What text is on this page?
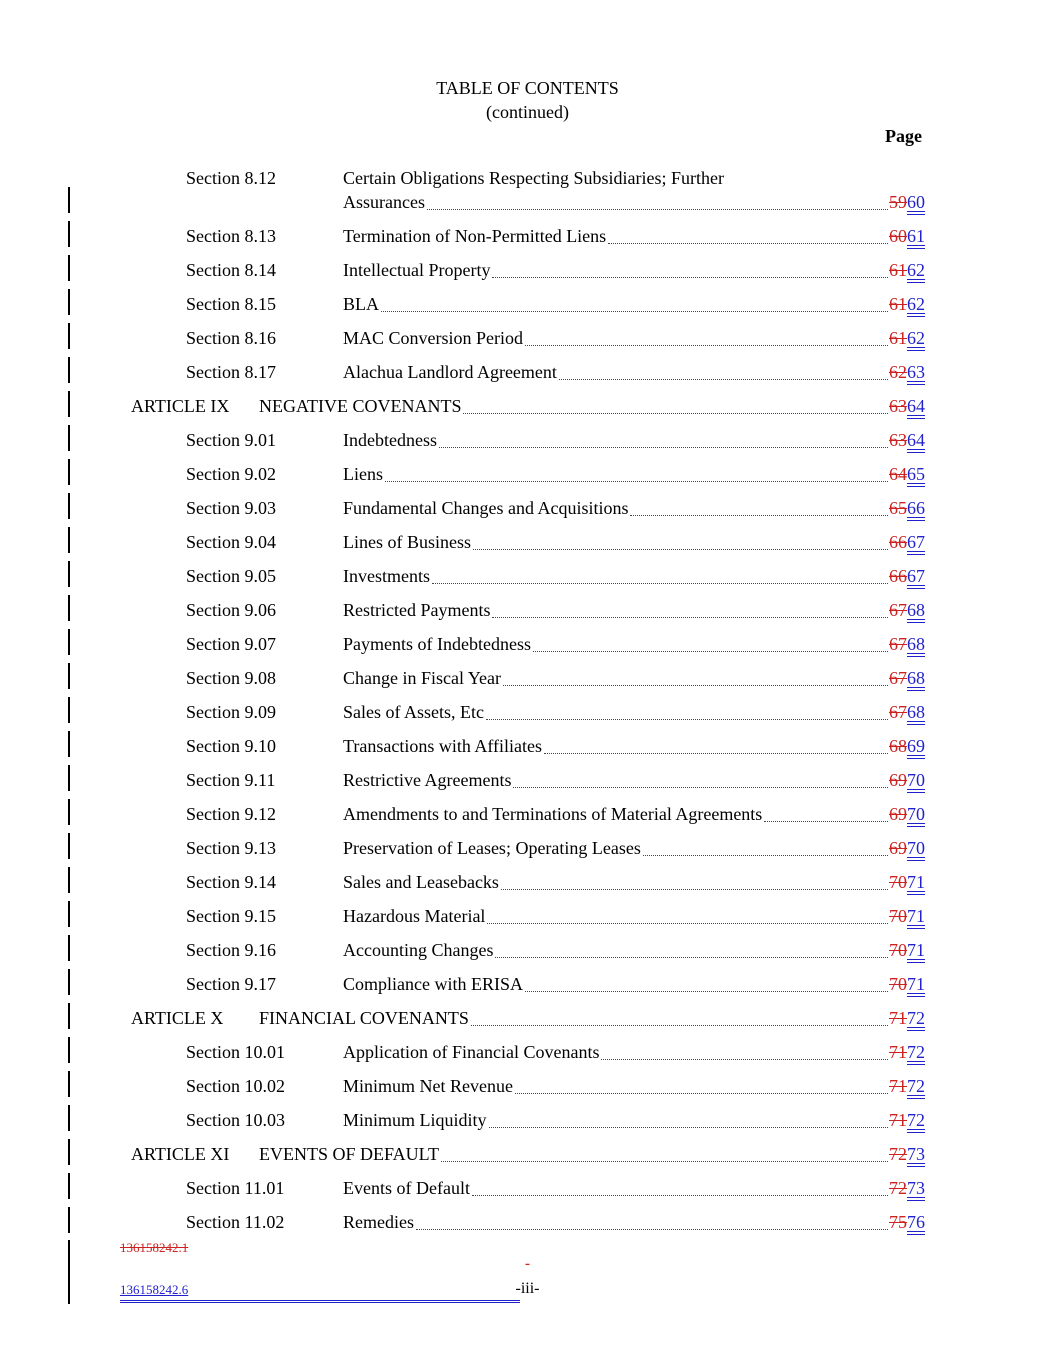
TABLE OF CONTENTS
(continued)
Page
Section 8.12	Certain Obligations Respecting Subsidiaries; Further
Assurances	5960
Section 8.13	Termination of Non-Permitted Liens	6061
Section 8.14	Intellectual Property	6162
Section 8.15	BLA	6162
Section 8.16	MAC Conversion Period	6162
Section 8.17	Alachua Landlord Agreement	6263
ARTICLE IX	NEGATIVE COVENANTS	6364
Section 9.01	Indebtedness	6364
Section 9.02	Liens	6465
Section 9.03	Fundamental Changes and Acquisitions	6566
Section 9.04	Lines of Business	6667
Section 9.05	Investments	6667
Section 9.06	Restricted Payments	6768
Section 9.07	Payments of Indebtedness	6768
Section 9.08	Change in Fiscal Year	6768
Section 9.09	Sales of Assets, Etc	6768
Section 9.10	Transactions with Affiliates	6869
Section 9.11	Restrictive Agreements	6970
Section 9.12	Amendments to and Terminations of Material Agreements	6970
Section 9.13	Preservation of Leases; Operating Leases	6970
Section 9.14	Sales and Leasebacks	7071
Section 9.15	Hazardous Material	7071
Section 9.16	Accounting Changes	7071
Section 9.17	Compliance with ERISA	7071
ARTICLE X	FINANCIAL COVENANTS	7172
Section 10.01	Application of Financial Covenants	7172
Section 10.02	Minimum Net Revenue	7172
Section 10.03	Minimum Liquidity	7172
ARTICLE XI	EVENTS OF DEFAULT	7273
Section 11.01	Events of Default	7273
Section 11.02	Remedies	7576
136158242.1
-
136158242.6	-iii-
